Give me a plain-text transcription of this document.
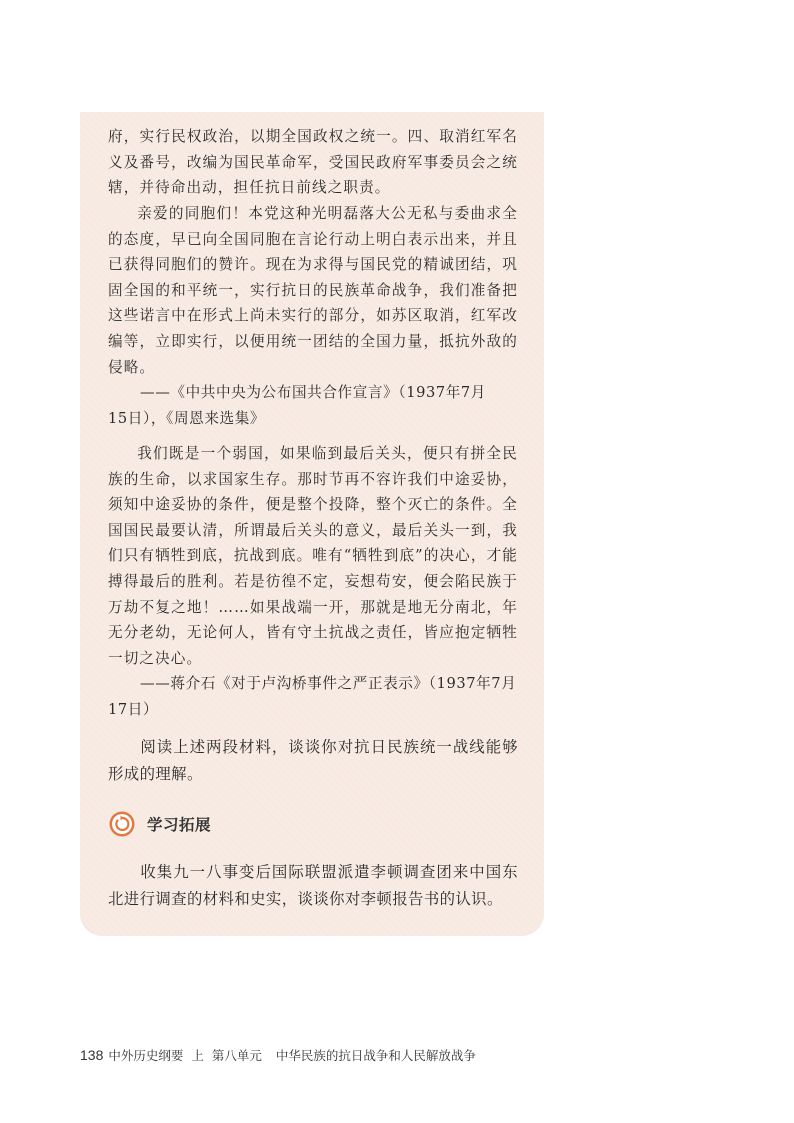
府，实行民权政治，以期全国政权之统一。四、取消红军名义及番号，改编为国民革命军，受国民政府军事委员会之统辖，并待命出动，担任抗日前线之职责。

亲爱的同胞们！本党这种光明磊落大公无私与委曲求全的态度，早已向全国同胞在言论行动上明白表示出来，并且已获得同胞们的赞许。现在为求得与国民党的精诚团结，巩固全国的和平统一，实行抗日的民族革命战争，我们准备把这些诺言中在形式上尚未实行的部分，如苏区取消，红军改编等，立即实行，以便用统一团结的全国力量，抵抗外敌的侵略。

——《中共中央为公布国共合作宣言》（1937年7月
15日），《周恩来选集》

我们既是一个弱国，如果临到最后关头，便只有拼全民族的生命，以求国家生存。那时节再不容许我们中途妥协，须知中途妥协的条件，便是整个投降，整个灭亡的条件。全国国民最要认清，所谓最后关头的意义，最后关头一到，我们只有牺牲到底，抗战到底。唯有“牺牲到底”的决心，才能搏得最后的胜利。若是彷徨不定，妄想苟安，便会陷民族于万劫不复之地！……如果战端一开，那就是地无分南北，年无分老幼，无论何人，皆有守土抗战之责任，皆应抱定牺牲一切之决心。

——蒋介石《对于卢沟桥事件之严正表示》（1937年7月
17日）

阅读上述两段材料，谈谈你对抗日民族统一战线能够形成的理解。

学习拓展

收集九一八事变后国际联盟派遣李顿调查团来中国东北进行调查的材料和史实，谈谈你对李顿报告书的认识。

138 中外历史纲要 上 第八单元 中华民族的抗日战争和人民解放战争
